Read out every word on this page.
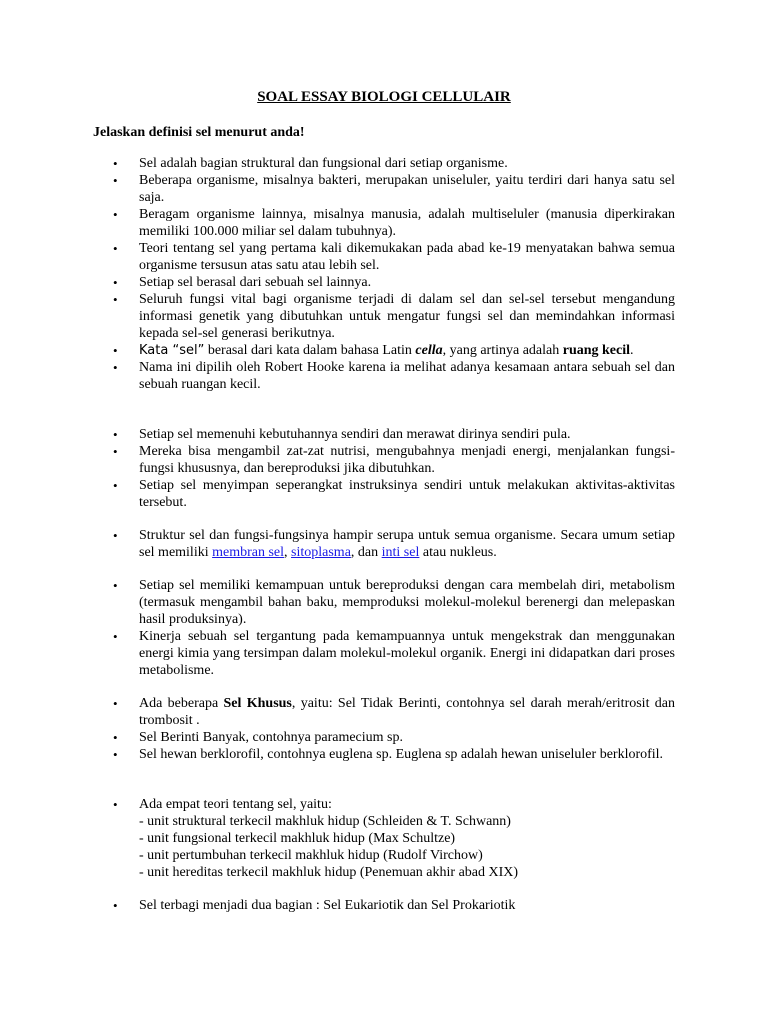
SOAL ESSAY BIOLOGI CELLULAIR
Jelaskan definisi sel menurut anda!
• Sel adalah bagian struktural dan fungsional dari setiap organisme.
• Beberapa organisme, misalnya bakteri, merupakan uniseluler, yaitu terdiri dari hanya satu sel saja.
• Beragam organisme lainnya, misalnya manusia, adalah multiseluler (manusia diperkirakan memiliki 100.000 miliar sel dalam tubuhnya).
• Teori tentang sel yang pertama kali dikemukakan pada abad ke-19 menyatakan bahwa semua organisme tersusun atas satu atau lebih sel.
• Setiap sel berasal dari sebuah sel lainnya.
• Seluruh fungsi vital bagi organisme terjadi di dalam sel dan sel-sel tersebut mengandung informasi genetik yang dibutuhkan untuk mengatur fungsi sel dan memindahkan informasi kepada sel-sel generasi berikutnya.
• Kata “sel” berasal dari kata dalam bahasa Latin cella, yang artinya adalah ruang kecil.
• Nama ini dipilih oleh Robert Hooke karena ia melihat adanya kesamaan antara sebuah sel dan sebuah ruangan kecil.
• Setiap sel memenuhi kebutuhannya sendiri dan merawat dirinya sendiri pula.
• Mereka bisa mengambil zat-zat nutrisi, mengubahnya menjadi energi, menjalankan fungsi-fungsi khususnya, dan bereproduksi jika dibutuhkan.
• Setiap sel menyimpan seperangkat instruksinya sendiri untuk melakukan aktivitas-aktivitas tersebut.
• Struktur sel dan fungsi-fungsinya hampir serupa untuk semua organisme. Secara umum setiap sel memiliki membran sel, sitoplasma, dan inti sel atau nukleus.
• Setiap sel memiliki kemampuan untuk bereproduksi dengan cara membelah diri, metabolism (termasuk mengambil bahan baku, memproduksi molekul-molekul berenergi dan melepaskan hasil produksinya).
• Kinerja sebuah sel tergantung pada kemampuannya untuk mengekstrak dan menggunakan energi kimia yang tersimpan dalam molekul-molekul organik. Energi ini didapatkan dari proses metabolisme.
• Ada beberapa Sel Khusus, yaitu: Sel Tidak Berinti, contohnya sel darah merah/eritrosit dan trombosit .
• Sel Berinti Banyak, contohnya paramecium sp.
• Sel hewan berklorofil, contohnya euglena sp. Euglena sp adalah hewan uniseluler berklorofil.
• Ada empat teori tentang sel, yaitu:
- unit struktural terkecil makhluk hidup (Schleiden & T. Schwann)
- unit fungsional terkecil makhluk hidup (Max Schultze)
- unit pertumbuhan terkecil makhluk hidup (Rudolf Virchow)
- unit hereditas terkecil makhluk hidup (Penemuan akhir abad XIX)
• Sel terbagi menjadi dua bagian : Sel Eukariotik dan Sel Prokariotik
